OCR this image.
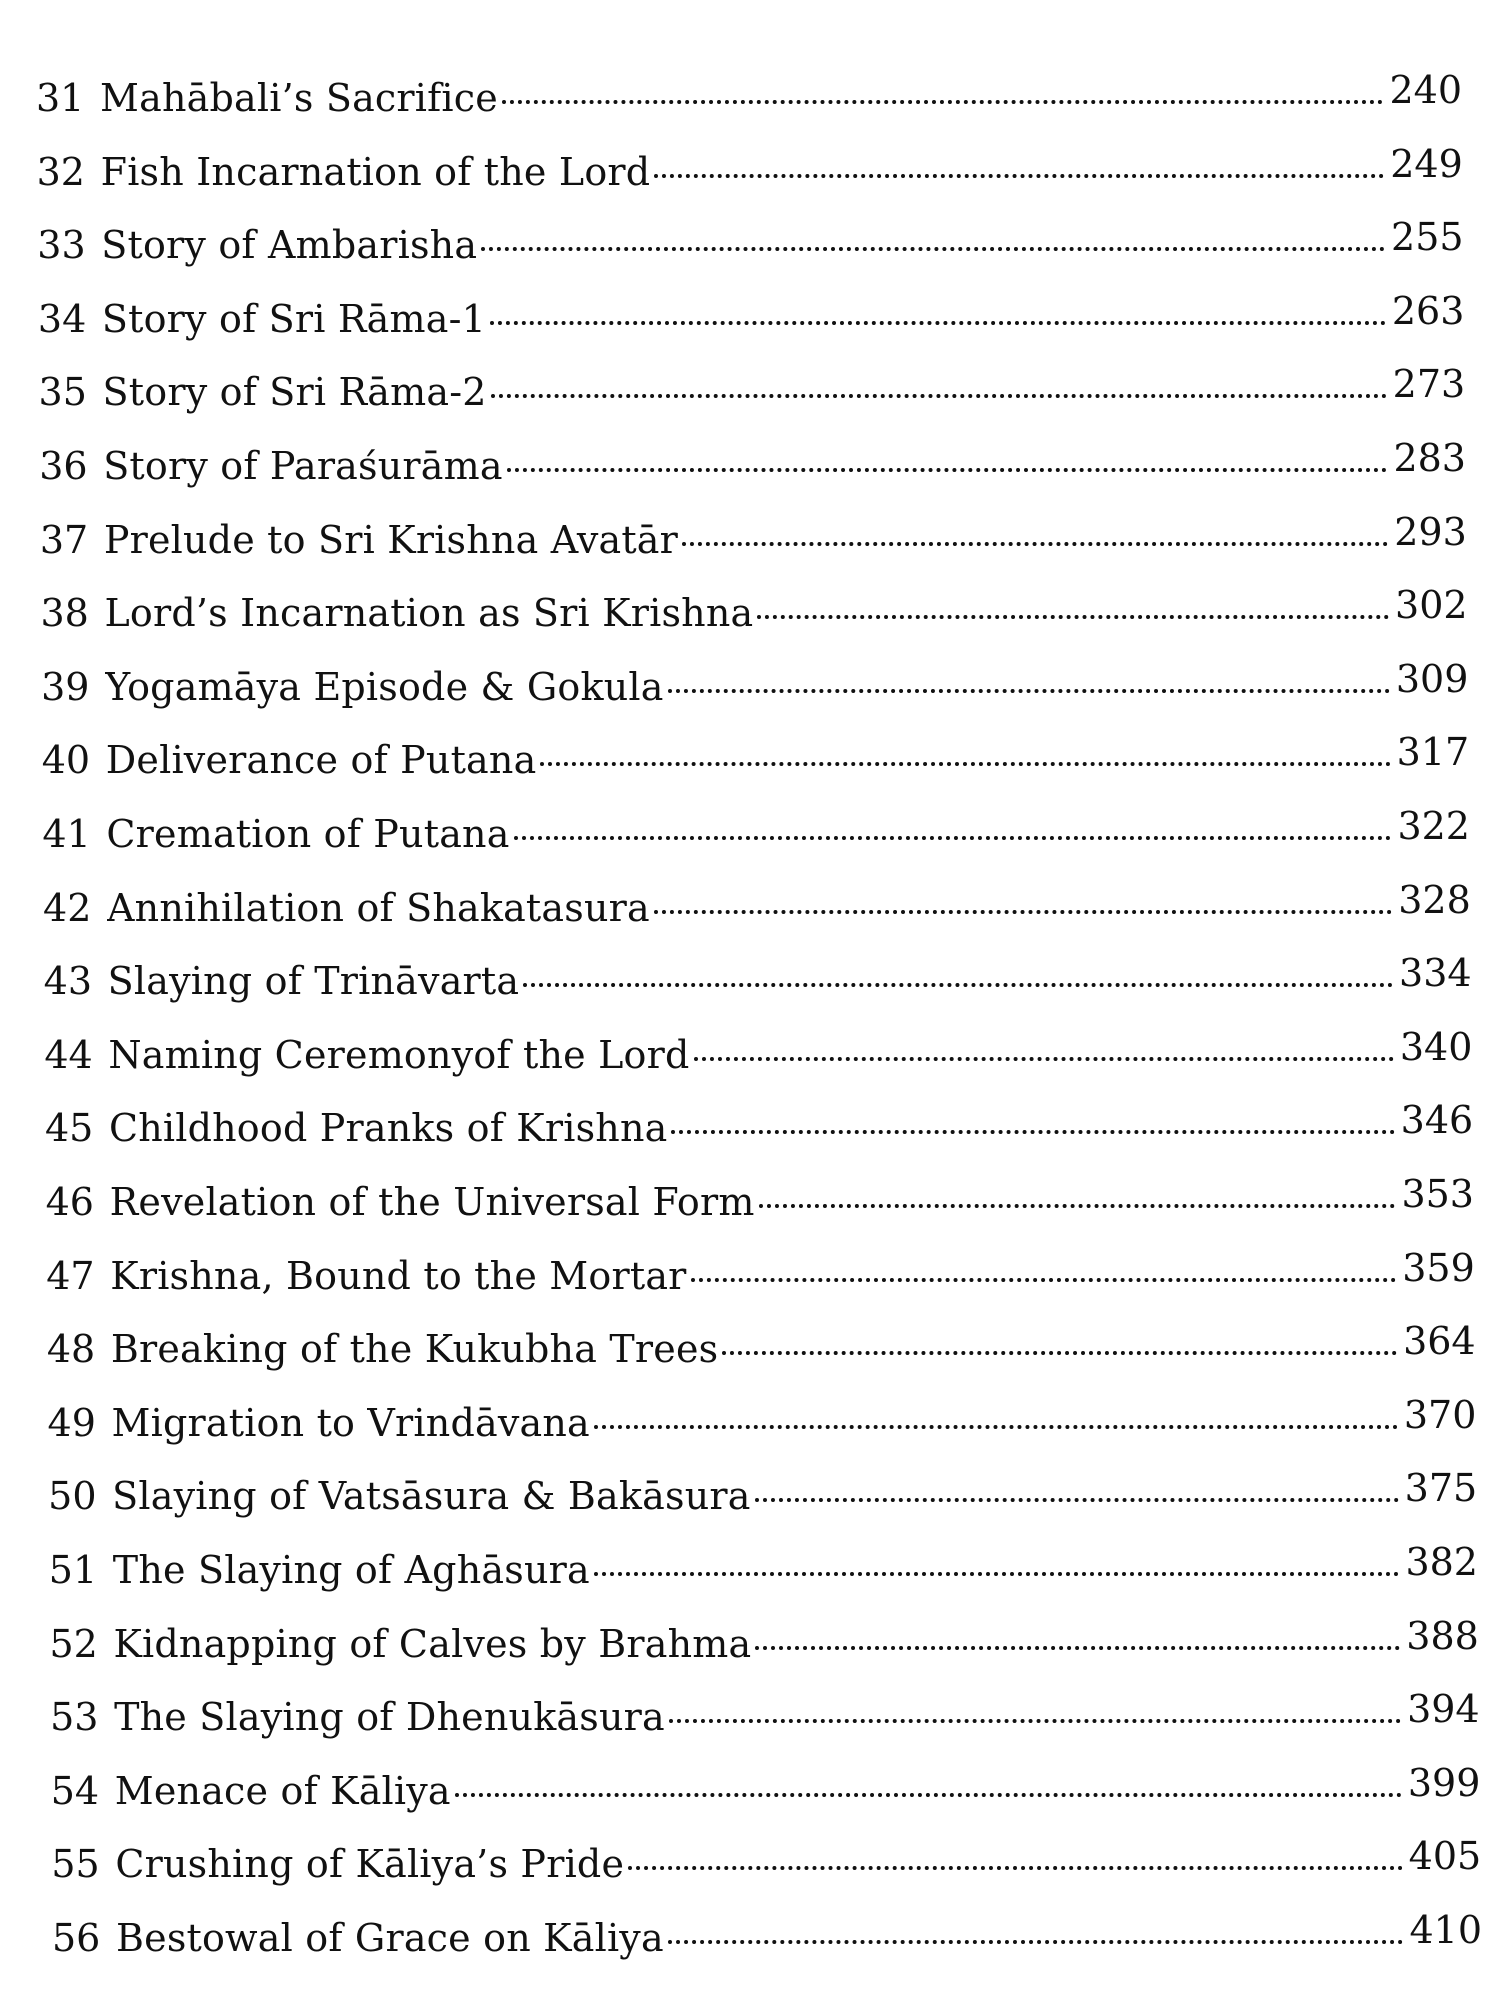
31 Mahābali’s Sacrifice	240
32 Fish Incarnation of the Lord	249
33 Story of Ambarisha	255
34 Story of Sri Rāma-1	263
35 Story of Sri Rāma-2	273
36 Story of Paraśurāma	283
37 Prelude to Sri Krishna Avatār	293
38 Lord’s Incarnation as Sri Krishna	302
39 Yogamāya Episode & Gokula	309
40 Deliverance of Putana	317
41 Cremation of Putana	322
42 Annihilation of Shakatasura	328
43 Slaying of Trināvarta	334
44 Naming Ceremonyof the Lord	340
45 Childhood Pranks of Krishna	346
46 Revelation of the Universal Form	353
47 Krishna, Bound to the Mortar	359
48 Breaking of the Kukubha Trees	364
49 Migration to Vrindāvana	370
50 Slaying of Vatsāsura & Bakāsura	375
51 The Slaying of Aghāsura	382
52 Kidnapping of Calves by Brahma	388
53 The Slaying of Dhenukāsura	394
54 Menace of Kāliya	399
55 Crushing of Kāliya’s Pride	405
56 Bestowal of Grace on Kāliya	410
